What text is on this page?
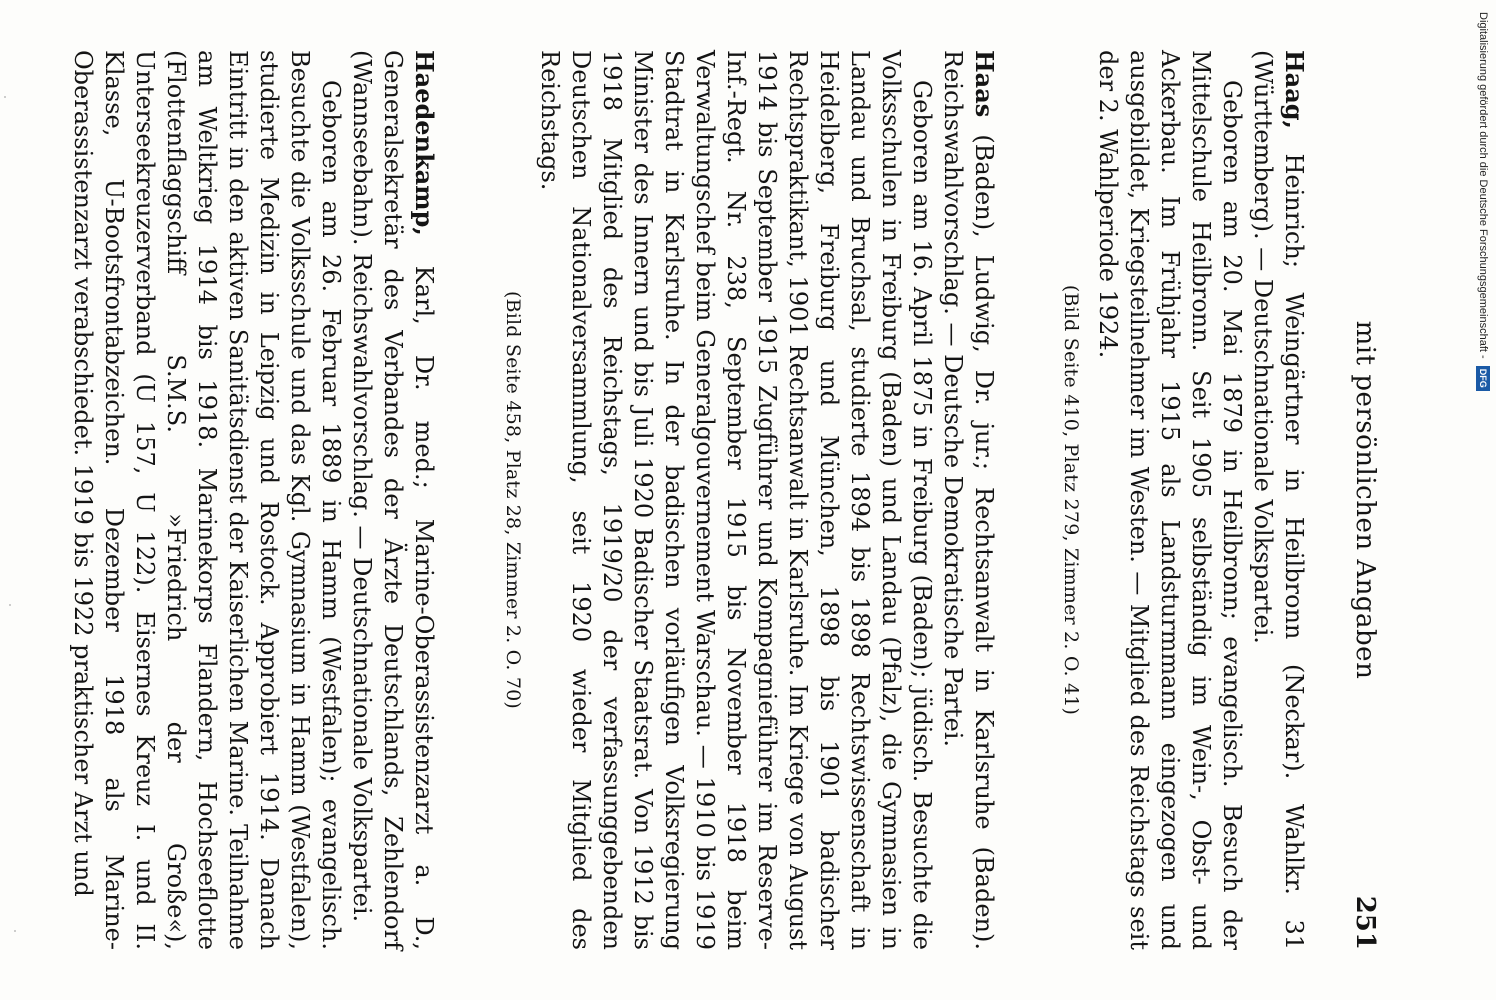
mit persönlichen Angaben
251

Haag, Heinrich; Weingärtner in Heilbronn (Neckar). Wahlkr. 31 (Württemberg). — Deutschnationale Volkspartei.

Geboren am 20. Mai 1879 in Heilbronn; evangelisch. Besuch der Mittelschule Heilbronn. Seit 1905 selbständig im Wein-, Obst- und Ackerbau. Im Frühjahr 1915 als Landsturmmann eingezogen und ausgebildet, Kriegsteilnehmer im Westen. — Mitglied des Reichstags seit der 2. Wahlperiode 1924.

(Bild Seite 410, Platz 279, Zimmer 2. O. 41)

Haas (Baden), Ludwig, Dr. jur.; Rechtsanwalt in Karlsruhe (Baden). Reichswahlvorschlag. — Deutsche Demokratische Partei.

Geboren am 16. April 1875 in Freiburg (Baden); jüdisch. Besuchte die Volksschulen in Freiburg (Baden) und Landau (Pfalz), die Gymnasien in Landau und Bruchsal, studierte 1894 bis 1898 Rechtswissenschaft in Heidelberg, Freiburg und München, 1898 bis 1901 badischer Rechtspraktikant, 1901 Rechtsanwalt in Karlsruhe. Im Kriege von August 1914 bis September 1915 Zugführer und Kompagnieführer im Reserve-Inf.-Regt. Nr. 238, September 1915 bis November 1918 beim Verwaltungschef beim Generalgouvernement Warschau. — 1910 bis 1919 Stadtrat in Karlsruhe. In der badischen vorläufigen Volksregierung Minister des Innern und bis Juli 1920 Badischer Staatsrat. Von 1912 bis 1918 Mitglied des Reichstags, 1919/20 der verfassunggebenden Deutschen Nationalversammlung, seit 1920 wieder Mitglied des Reichstags.

(Bild Seite 458, Platz 28, Zimmer 2. O. 70)

Haedenkamp, Karl, Dr. med.; Marine-Oberassistenzarzt a. D., Generalsekretär des Verbandes der Ärzte Deutschlands, Zehlendorf (Wannseebahn). Reichswahlvorschlag. — Deutschnationale Volkspartei.

Geboren am 26. Februar 1889 in Hamm (Westfalen); evangelisch. Besuchte die Volksschule und das Kgl. Gymnasium in Hamm (Westfalen), studierte Medizin in Leipzig und Rostock. Approbiert 1914. Danach Eintritt in den aktiven Sanitätsdienst der Kaiserlichen Marine. Teilnahme am Weltkrieg 1914 bis 1918. Marinekorps Flandern, Hochseeflotte (Flottenflaggschiff S.M.S. »Friedrich der Große«), Unterseekreuzerverband (U 157, U 122). Eisernes Kreuz I. und II. Klasse, U-Bootsfrontabzeichen. Dezember 1918 als Marine-Oberassistenzarzt verabschiedet. 1919 bis 1922 praktischer Arzt und	Digitalisierung gefördert durch die Deutsche Forschungsgemeinschaft - DFG
